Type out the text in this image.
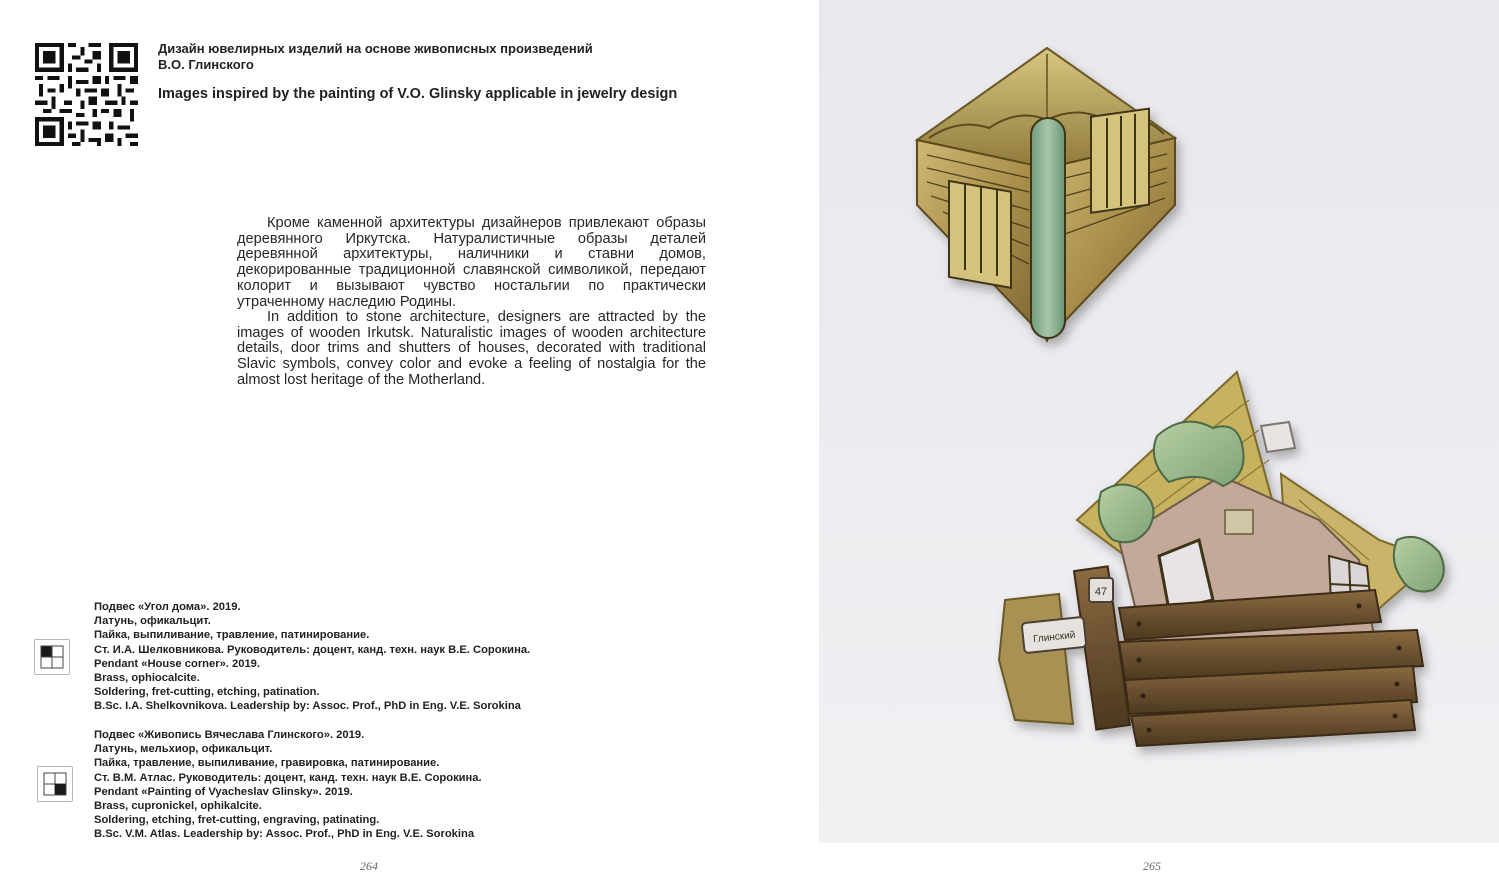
Дизайн ювелирных изделий на основе живописных произведений
В.О. Глинского

Images inspired by the painting of V.O. Glinsky applicable in jewelry design

Кроме каменной архитектуры дизайнеров привлекают образы деревянного Иркутска. Натуралистичные образы деталей деревянной архитектуры, наличники и ставни домов, декорированные традиционной славянской символикой, передают колорит и вызывают чувство ностальгии по практически утраченному наследию Родины.

In addition to stone architecture, designers are attracted by the images of wooden Irkutsk. Naturalistic images of wooden architecture details, door trims and shutters of houses, decorated with traditional Slavic symbols, convey color and evoke a feeling of nostalgia for the almost lost heritage of the Motherland.

Подвес «Угол дома». 2019.
Латунь, офикальцит.
Пайка, выпиливание, травление, патинирование.
Ст. И.А. Шелковникова. Руководитель: доцент, канд. техн. наук В.Е. Сорокина.
Pendant «House corner». 2019.
Brass, ophiocalcite.
Soldering, fret-cutting, etching, patination.
B.Sc. I.A. Shelkovnikova. Leadership by: Assoc. Prof., PhD in Eng. V.E. Sorokina
Подвес «Живопись Вячеслава Глинского». 2019.
Латунь, мельхиор, офикальцит.
Пайка, травление, выпиливание, гравировка, патинирование.
Ст. В.М. Атлас. Руководитель: доцент, канд. техн. наук В.Е. Сорокина.
Pendant «Painting of Vyacheslav Glinsky». 2019.
Brass, cupronickel, ophikalcite.
Soldering, etching, fret-cutting, engraving, patinating.
B.Sc. V.M. Atlas. Leadership by: Assoc. Prof., PhD in Eng. V.E. Sorokina
264
47
Глинский
265
